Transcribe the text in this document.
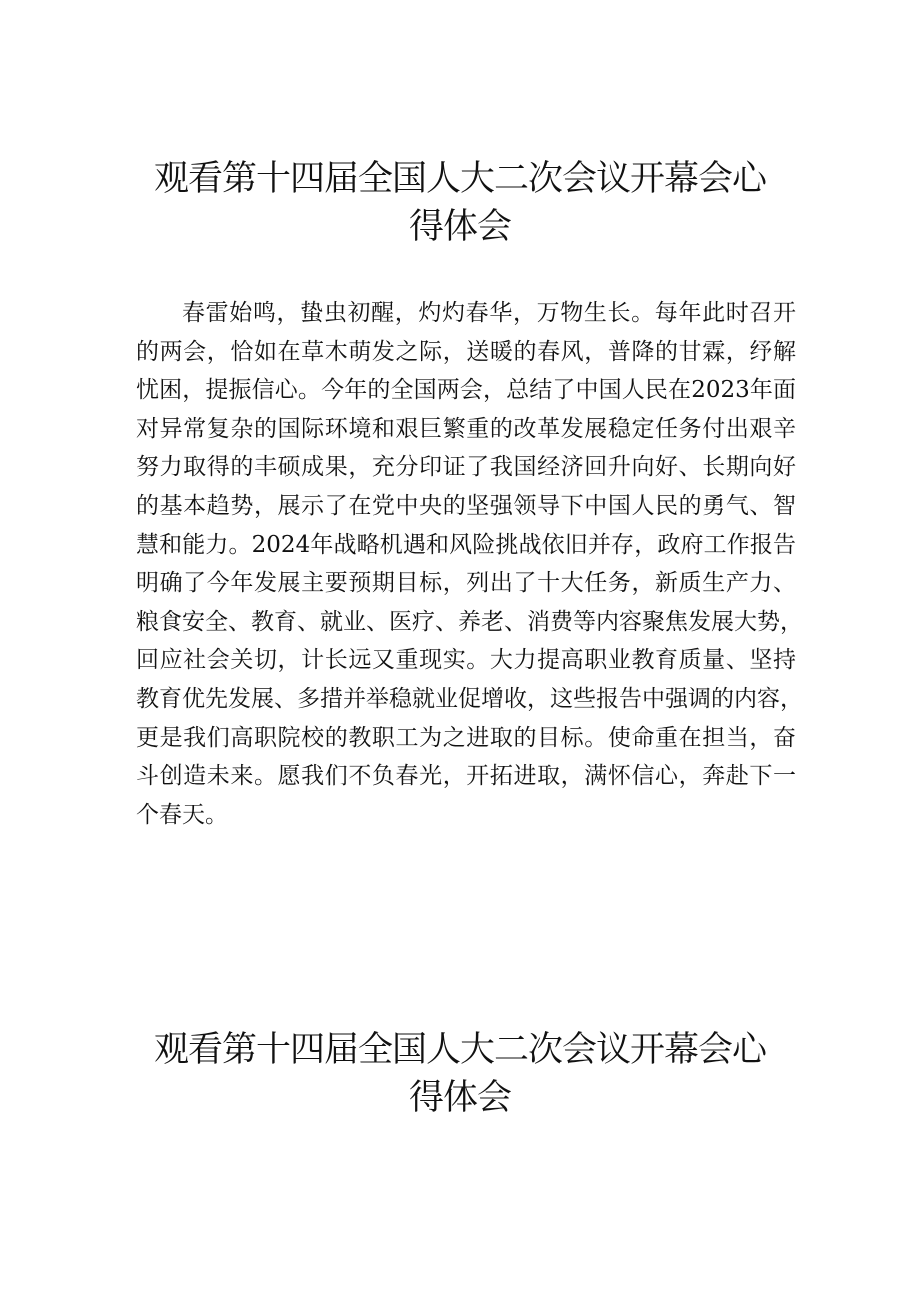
观看第十四届全国人大二次会议开幕会心
得体会
春雷始鸣，蛰虫初醒，灼灼春华，万物生长。每年此时召开
的两会，恰如在草木萌发之际，送暖的春风，普降的甘霖，纾解
忧困，提振信心。今年的全国两会，总结了中国人民在2023年面
对异常复杂的国际环境和艰巨繁重的改革发展稳定任务付出艰辛
努力取得的丰硕成果，充分印证了我国经济回升向好、长期向好
的基本趋势，展示了在党中央的坚强领导下中国人民的勇气、智
慧和能力。2024年战略机遇和风险挑战依旧并存，政府工作报告
明确了今年发展主要预期目标，列出了十大任务，新质生产力、
粮食安全、教育、就业、医疗、养老、消费等内容聚焦发展大势，
回应社会关切，计长远又重现实。大力提高职业教育质量、坚持
教育优先发展、多措并举稳就业促增收，这些报告中强调的内容，
更是我们高职院校的教职工为之进取的目标。使命重在担当，奋
斗创造未来。愿我们不负春光，开拓进取，满怀信心，奔赴下一
个春天。
观看第十四届全国人大二次会议开幕会心
得体会
